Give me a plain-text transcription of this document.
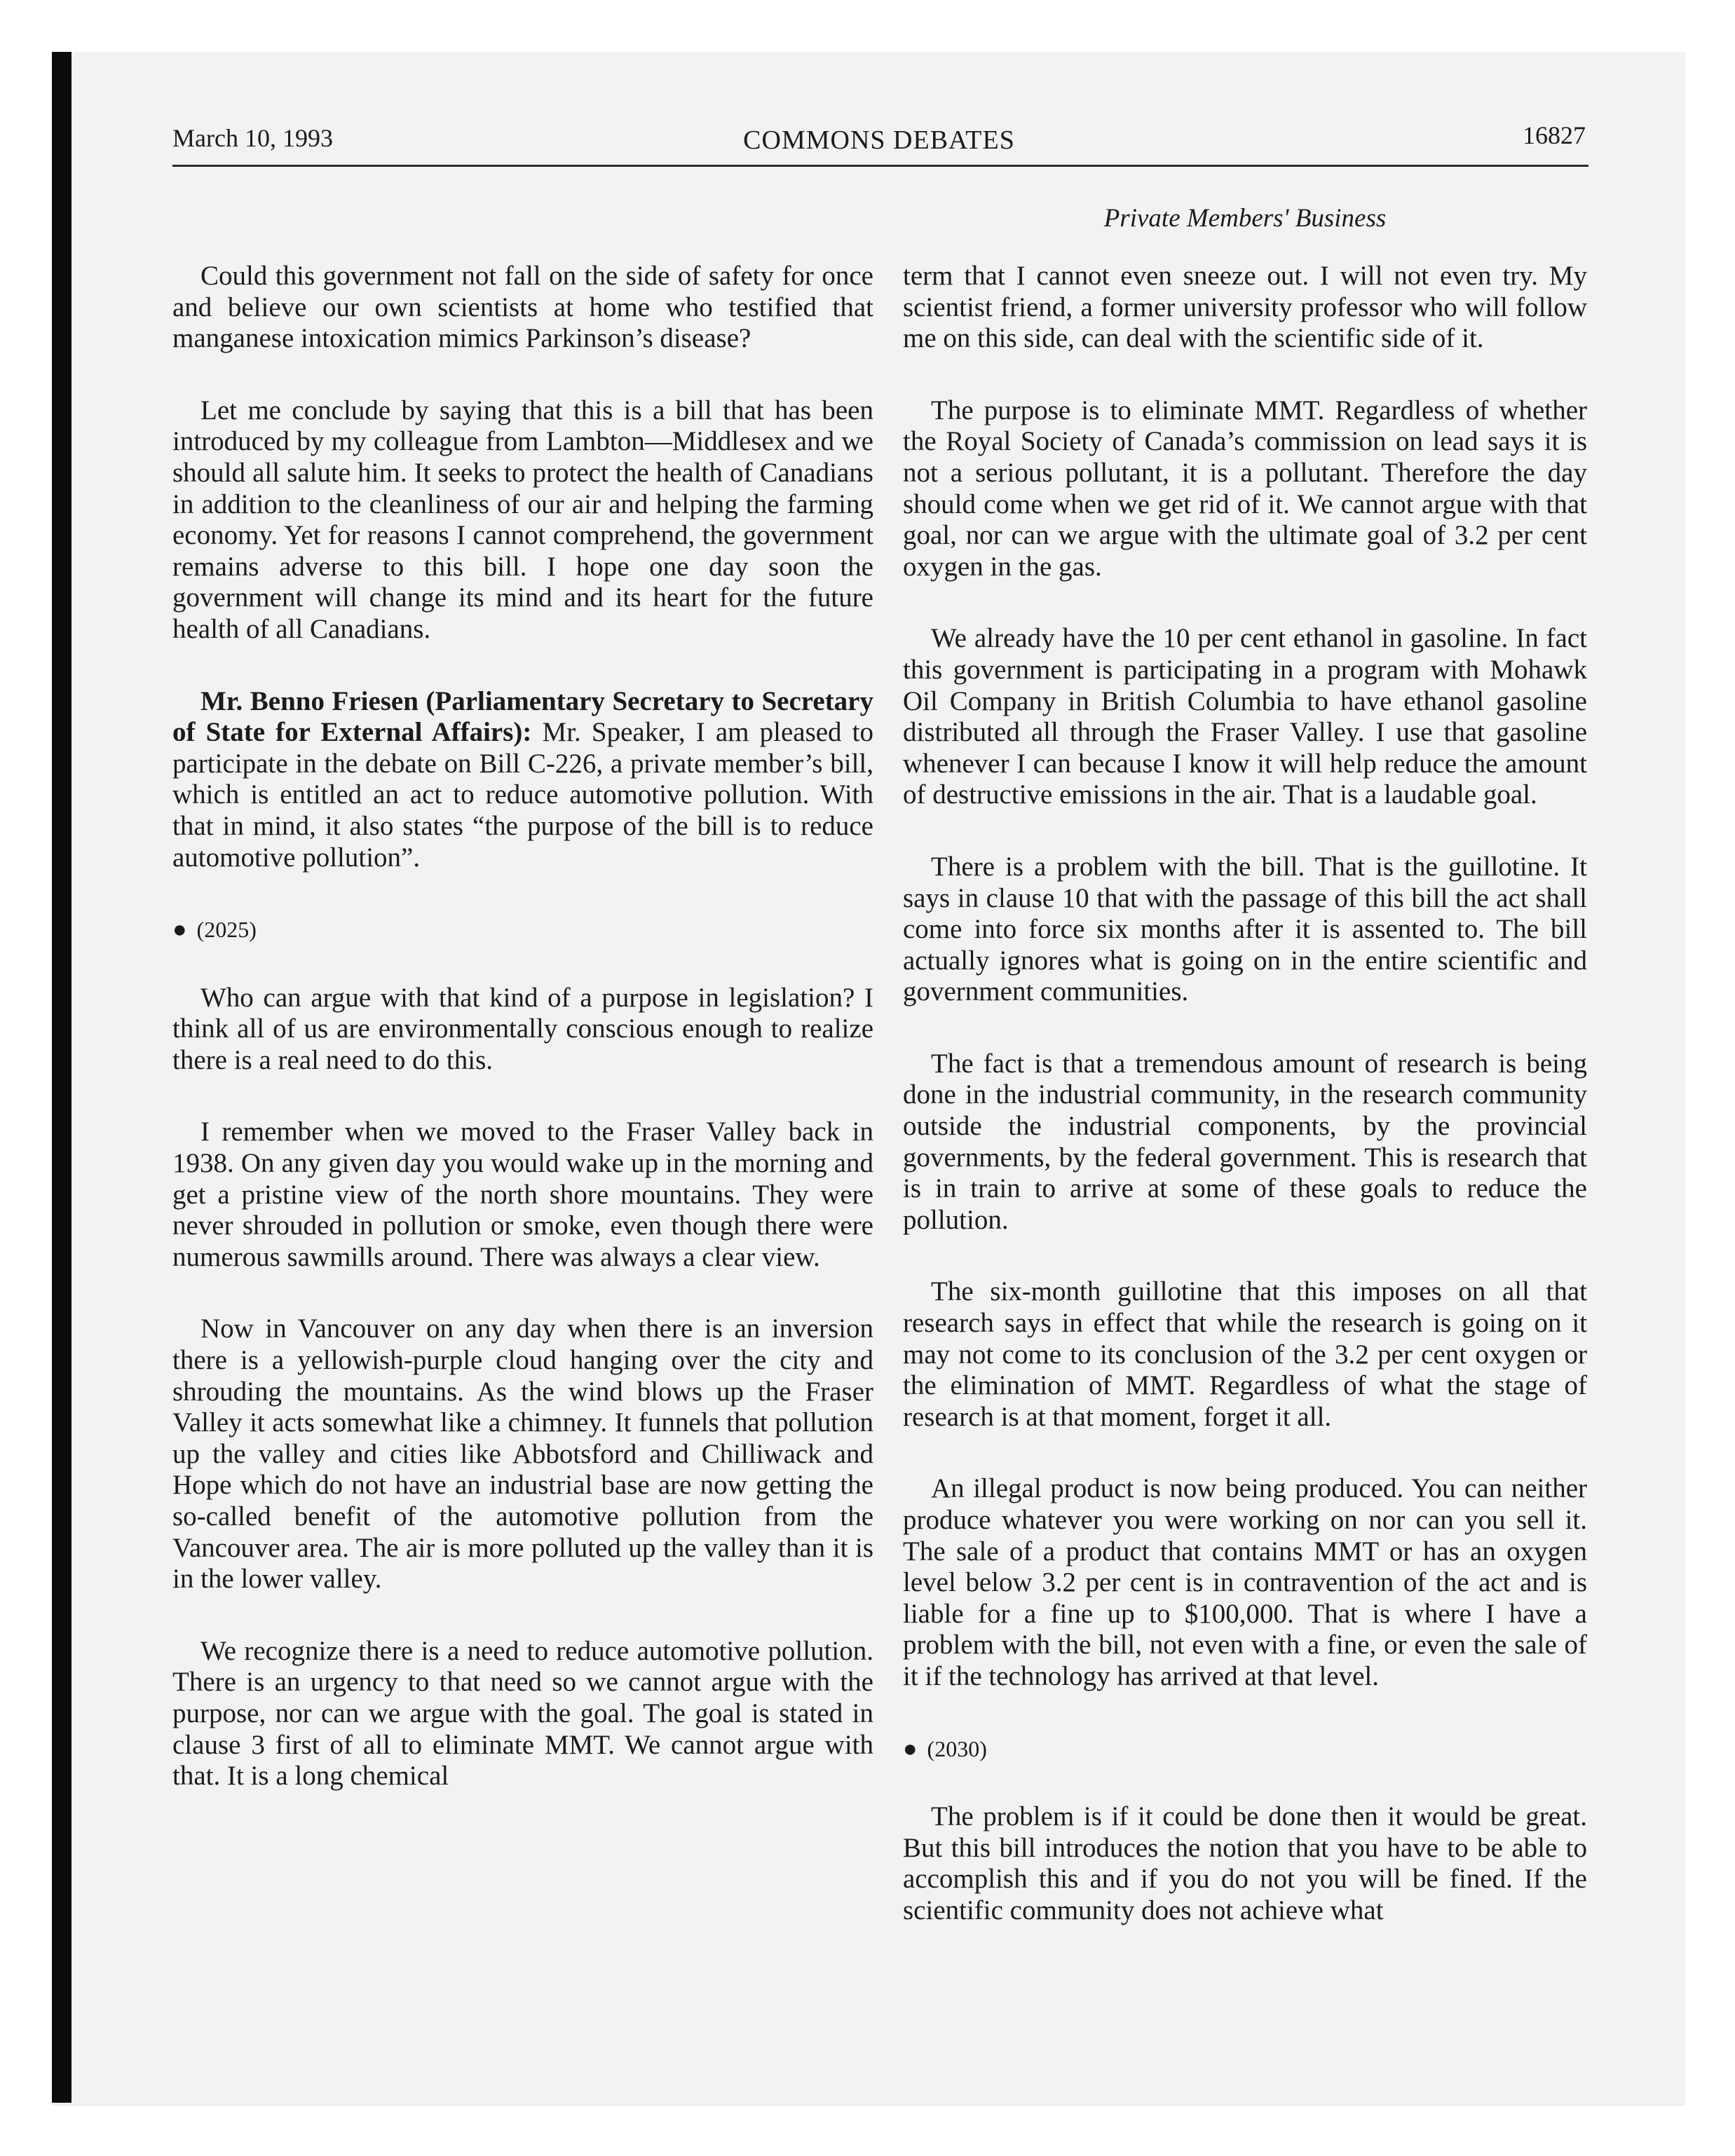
March 10, 1993	COMMONS DEBATES	16827
Private Members' Business

Could this government not fall on the side of safety for once and believe our own scientists at home who testified that manganese intoxication mimics Parkinson’s disease?

Let me conclude by saying that this is a bill that has been introduced by my colleague from Lambton—Middlesex and we should all salute him. It seeks to protect the health of Canadians in addition to the cleanliness of our air and helping the farming economy. Yet for reasons I cannot comprehend, the government remains adverse to this bill. I hope one day soon the government will change its mind and its heart for the future health of all Canadians.

Mr. Benno Friesen (Parliamentary Secretary to Secretary of State for External Affairs): Mr. Speaker, I am pleased to participate in the debate on Bill C-226, a private member’s bill, which is entitled an act to reduce automotive pollution. With that in mind, it also states “the purpose of the bill is to reduce automotive pollution”.

● (2025)

Who can argue with that kind of a purpose in legislation? I think all of us are environmentally conscious enough to realize there is a real need to do this.

I remember when we moved to the Fraser Valley back in 1938. On any given day you would wake up in the morning and get a pristine view of the north shore mountains. They were never shrouded in pollution or smoke, even though there were numerous sawmills around. There was always a clear view.

Now in Vancouver on any day when there is an inversion there is a yellowish-purple cloud hanging over the city and shrouding the mountains. As the wind blows up the Fraser Valley it acts somewhat like a chimney. It funnels that pollution up the valley and cities like Abbotsford and Chilliwack and Hope which do not have an industrial base are now getting the so-called benefit of the automotive pollution from the Vancouver area. The air is more polluted up the valley than it is in the lower valley.

We recognize there is a need to reduce automotive pollution. There is an urgency to that need so we cannot argue with the purpose, nor can we argue with the goal. The goal is stated in clause 3 first of all to eliminate MMT. We cannot argue with that. It is a long chemical

term that I cannot even sneeze out. I will not even try. My scientist friend, a former university professor who will follow me on this side, can deal with the scientific side of it.

The purpose is to eliminate MMT. Regardless of whether the Royal Society of Canada’s commission on lead says it is not a serious pollutant, it is a pollutant. Therefore the day should come when we get rid of it. We cannot argue with that goal, nor can we argue with the ultimate goal of 3.2 per cent oxygen in the gas.

We already have the 10 per cent ethanol in gasoline. In fact this government is participating in a program with Mohawk Oil Company in British Columbia to have ethanol gasoline distributed all through the Fraser Valley. I use that gasoline whenever I can because I know it will help reduce the amount of destructive emissions in the air. That is a laudable goal.

There is a problem with the bill. That is the guillotine. It says in clause 10 that with the passage of this bill the act shall come into force six months after it is assented to. The bill actually ignores what is going on in the entire scientific and government communities.

The fact is that a tremendous amount of research is being done in the industrial community, in the research community outside the industrial components, by the provincial governments, by the federal government. This is research that is in train to arrive at some of these goals to reduce the pollution.

The six-month guillotine that this imposes on all that research says in effect that while the research is going on it may not come to its conclusion of the 3.2 per cent oxygen or the elimination of MMT. Regardless of what the stage of research is at that moment, forget it all.

An illegal product is now being produced. You can neither produce whatever you were working on nor can you sell it. The sale of a product that contains MMT or has an oxygen level below 3.2 per cent is in contravention of the act and is liable for a fine up to $100,000. That is where I have a problem with the bill, not even with a fine, or even the sale of it if the technology has arrived at that level.

● (2030)

The problem is if it could be done then it would be great. But this bill introduces the notion that you have to be able to accomplish this and if you do not you will be fined. If the scientific community does not achieve what
